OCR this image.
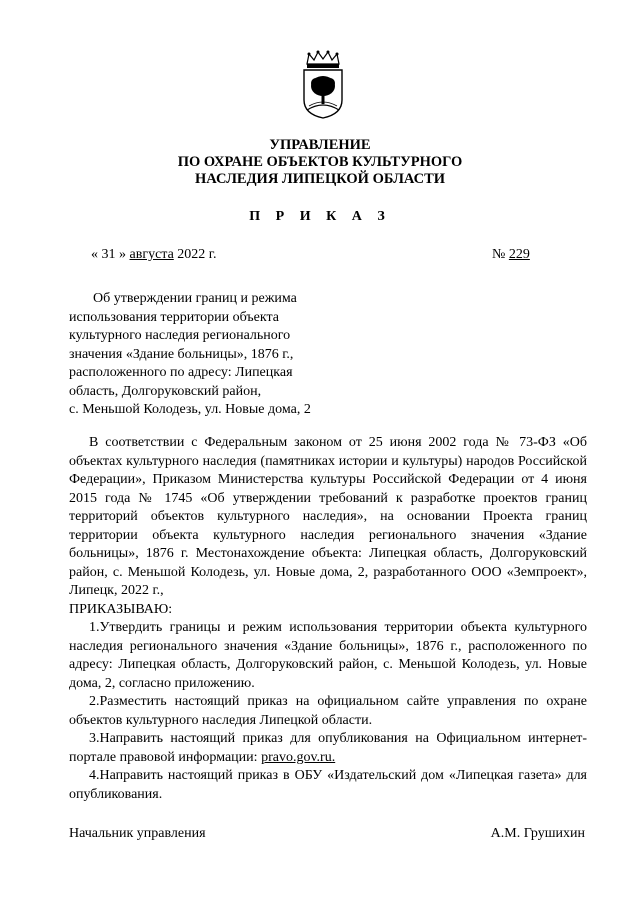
УПРАВЛЕНИЕ
ПО ОХРАНЕ ОБЪЕКТОВ КУЛЬТУРНОГО
НАСЛЕДИЯ ЛИПЕЦКОЙ ОБЛАСТИ
П Р И К А З
« 31 » августа 2022 г.	№ 229
Об утверждении границ и режима
использования территории объекта
культурного наследия регионального
значения «Здание больницы», 1876 г.,
расположенного по адресу: Липецкая
область, Долгоруковский район,
с. Меньшой Колодезь, ул. Новые дома, 2

В соответствии с Федеральным законом от 25 июня 2002 года № 73-ФЗ «Об объектах культурного наследия (памятниках истории и культуры) народов Российской Федерации», Приказом Министерства культуры Российской Федерации от 4 июня 2015 года № 1745 «Об утверждении требований к разработке проектов границ территорий объектов культурного наследия», на основании Проекта границ территории объекта культурного наследия регионального значения «Здание больницы», 1876 г. Местонахождение объекта: Липецкая область, Долгоруковский район, с. Меньшой Колодезь, ул. Новые дома, 2, разработанного ООО «Земпроект», Липецк, 2022 г.,

ПРИКАЗЫВАЮ:

1.Утвердить границы и режим использования территории объекта культурного наследия регионального значения «Здание больницы», 1876 г., расположенного по адресу: Липецкая область, Долгоруковский район, с. Меньшой Колодезь, ул. Новые дома, 2, согласно приложению.

2.Разместить настоящий приказ на официальном сайте управления по охране объектов культурного наследия Липецкой области.

3.Направить настоящий приказ для опубликования на Официальном интернет-портале правовой информации: pravo.gov.ru.

4.Направить настоящий приказ в ОБУ «Издательский дом «Липецкая газета» для опубликования.

Начальник управления	А.М. Грушихин
